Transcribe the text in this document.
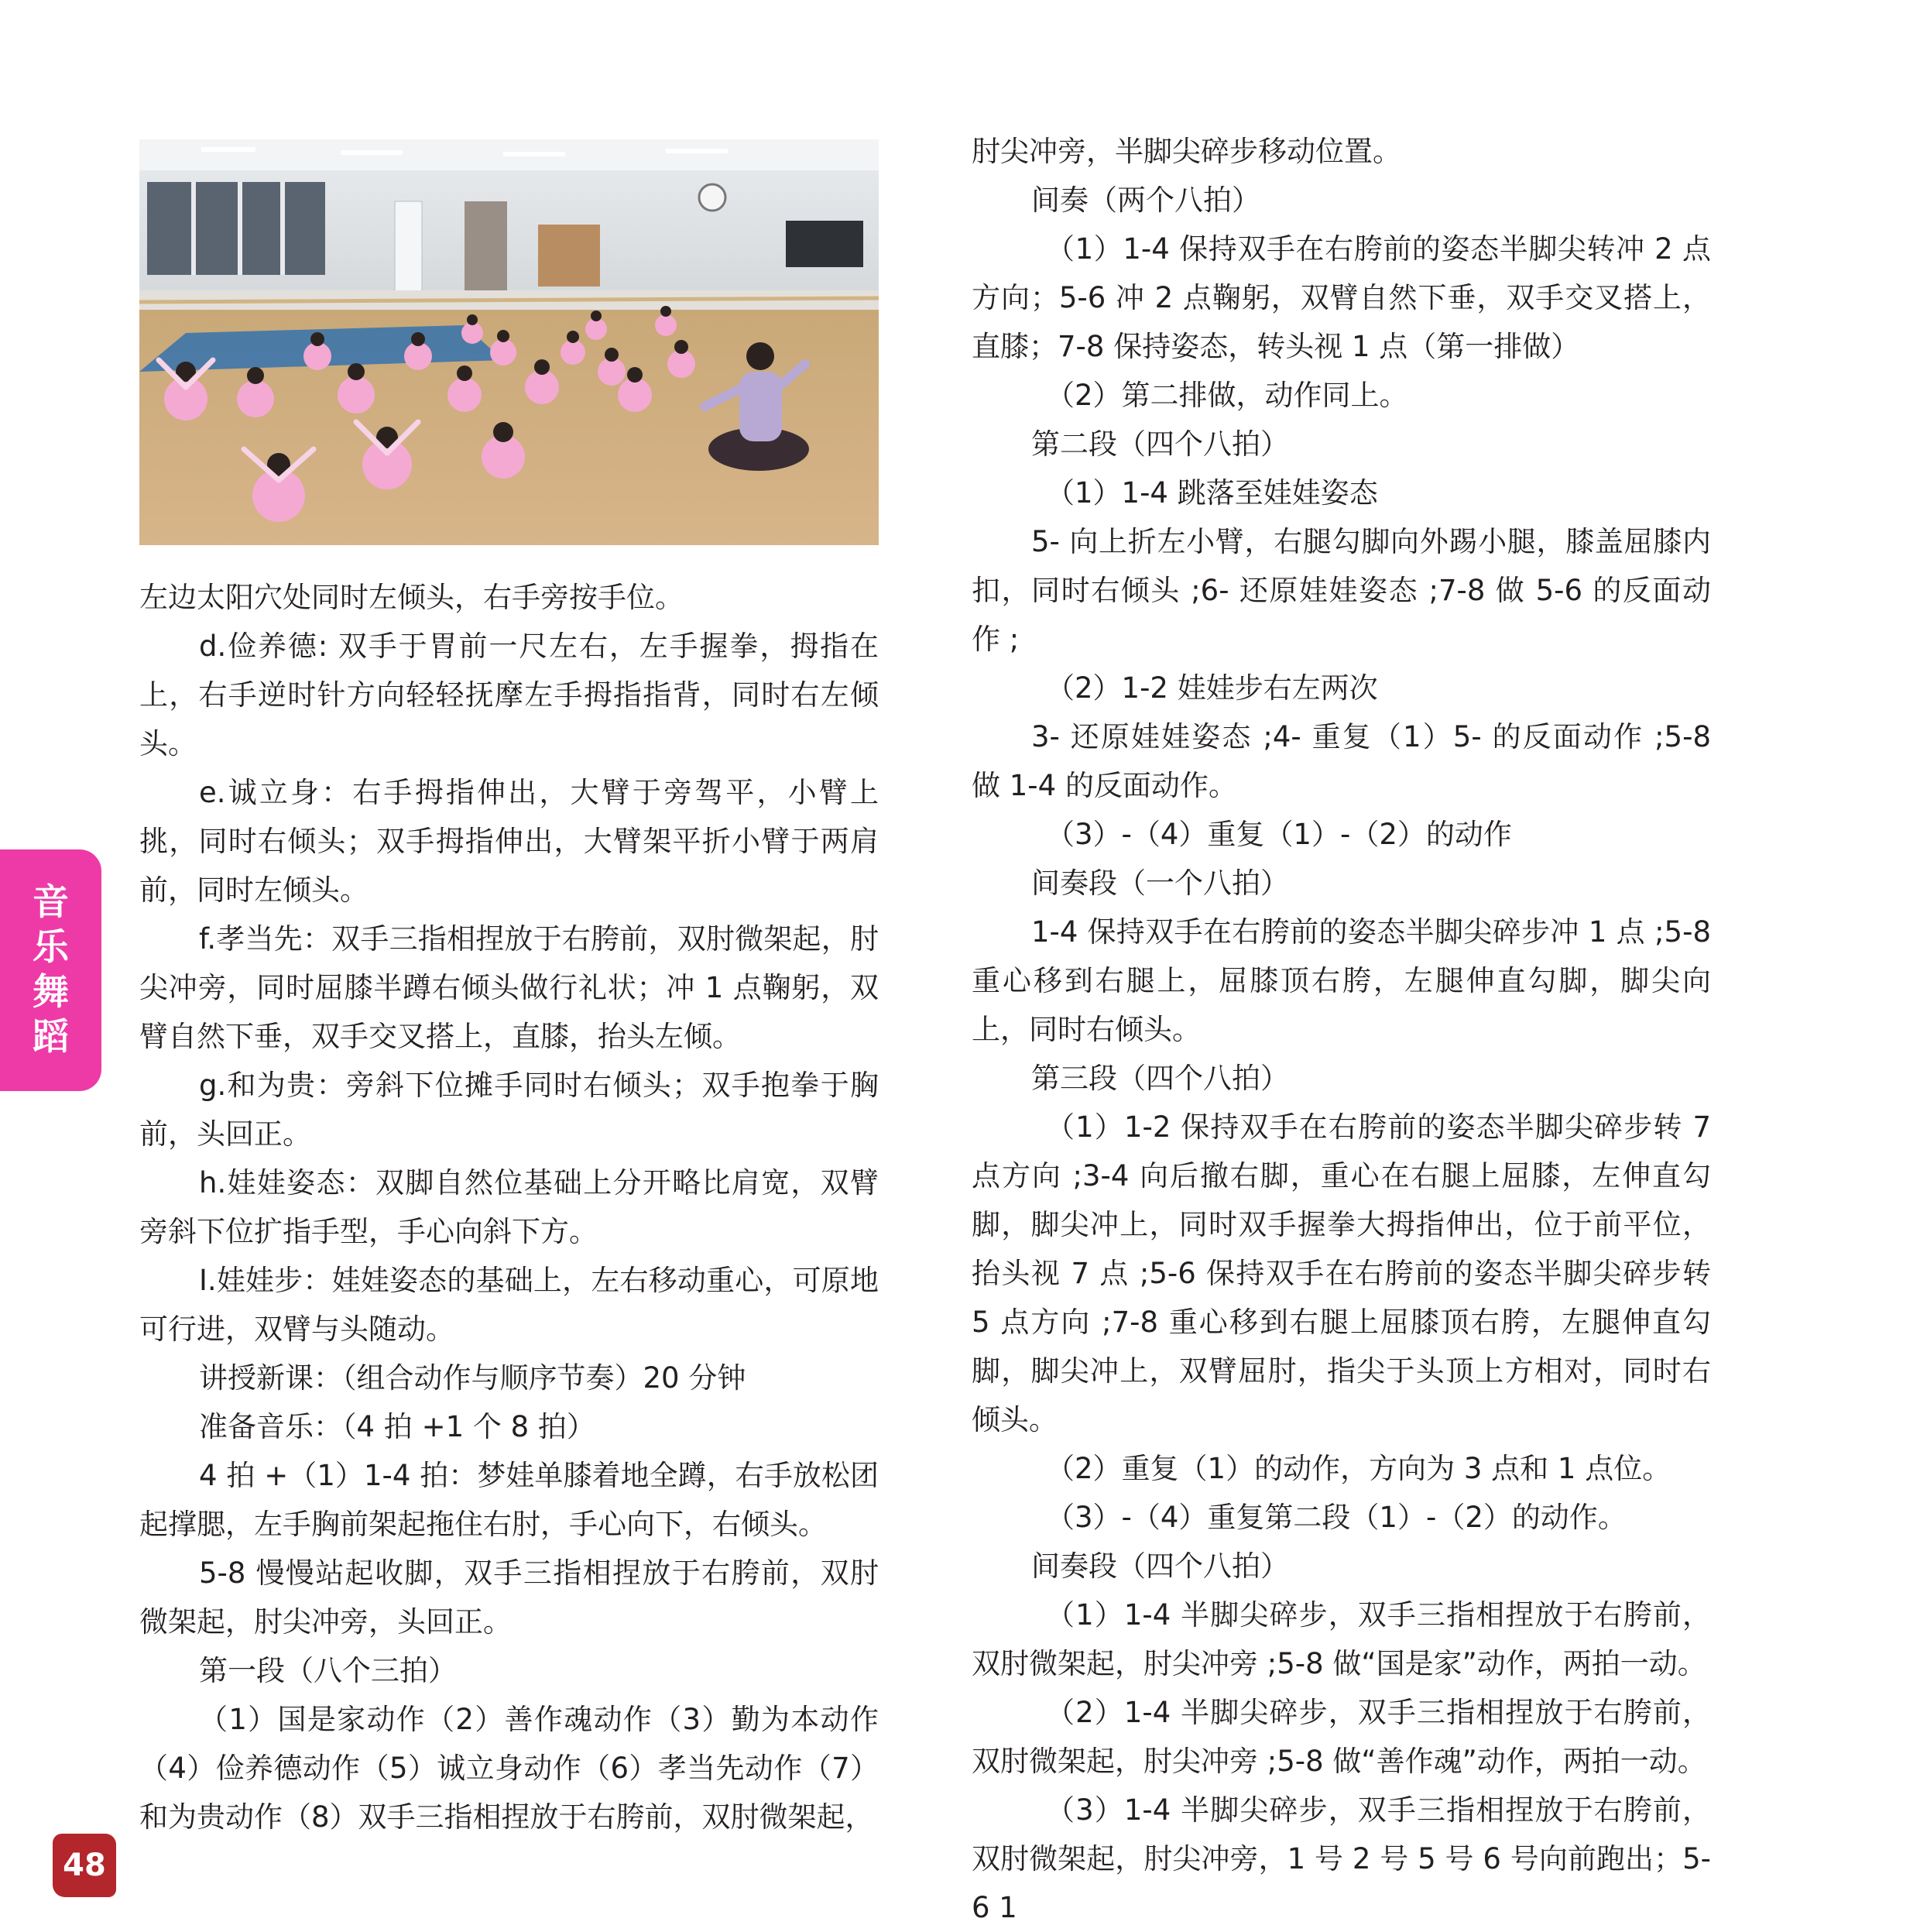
音乐舞蹈
48

左边太阳穴处同时左倾头，右手旁按手位。

d.俭养德: 双手于胃前一尺左右，左手握拳，拇指在上，右手逆时针方向轻轻抚摩左手拇指指背，同时右左倾头。

e.诚立身：右手拇指伸出，大臂于旁驾平，小臂上挑，同时右倾头；双手拇指伸出，大臂架平折小臂于两肩前，同时左倾头。

f.孝当先：双手三指相捏放于右胯前，双肘微架起，肘尖冲旁，同时屈膝半蹲右倾头做行礼状；冲 1 点鞠躬，双臂自然下垂，双手交叉搭上，直膝，抬头左倾。

g.和为贵：旁斜下位摊手同时右倾头；双手抱拳于胸前，头回正。

h.娃娃姿态：双脚自然位基础上分开略比肩宽，双臂旁斜下位扩指手型，手心向斜下方。

I.娃娃步：娃娃姿态的基础上，左右移动重心，可原地可行进，双臂与头随动。

讲授新课：（组合动作与顺序节奏）20 分钟

准备音乐：（4 拍 +1 个 8 拍）

4 拍 +（1）1-4 拍：梦娃单膝着地全蹲，右手放松团起撑腮，左手胸前架起拖住右肘，手心向下，右倾头。

5-8 慢慢站起收脚，双手三指相捏放于右胯前，双肘微架起，肘尖冲旁，头回正。

第一段（八个三拍）

（1）国是家动作（2）善作魂动作（3）勤为本动作（4）俭养德动作（5）诚立身动作（6）孝当先动作（7）和为贵动作（8）双手三指相捏放于右胯前，双肘微架起，

肘尖冲旁，半脚尖碎步移动位置。

间奏（两个八拍）

（1）1-4 保持双手在右胯前的姿态半脚尖转冲 2 点方向；5-6 冲 2 点鞠躬，双臂自然下垂，双手交叉搭上，直膝；7-8 保持姿态，转头视 1 点（第一排做）

（2）第二排做，动作同上。

第二段（四个八拍）

（1）1-4 跳落至娃娃姿态

5- 向上折左小臂，右腿勾脚向外踢小腿，膝盖屈膝内扣，同时右倾头 ;6- 还原娃娃姿态 ;7-8 做 5-6 的反面动作 ;

（2）1-2 娃娃步右左两次

3- 还原娃娃姿态 ;4- 重复（1）5- 的反面动作 ;5-8 做 1-4 的反面动作。

（3）-（4）重复（1）-（2）的动作

间奏段（一个八拍）

1-4 保持双手在右胯前的姿态半脚尖碎步冲 1 点 ;5-8 重心移到右腿上，屈膝顶右胯，左腿伸直勾脚，脚尖向上，同时右倾头。

第三段（四个八拍）

（1）1-2 保持双手在右胯前的姿态半脚尖碎步转 7 点方向 ;3-4 向后撤右脚，重心在右腿上屈膝，左伸直勾脚，脚尖冲上，同时双手握拳大拇指伸出，位于前平位，抬头视 7 点 ;5-6 保持双手在右胯前的姿态半脚尖碎步转 5 点方向 ;7-8 重心移到右腿上屈膝顶右胯，左腿伸直勾脚，脚尖冲上，双臂屈肘，指尖于头顶上方相对，同时右倾头。

（2）重复（1）的动作，方向为 3 点和 1 点位。

（3）-（4）重复第二段（1）-（2）的动作。

间奏段（四个八拍）

（1）1-4 半脚尖碎步，双手三指相捏放于右胯前，双肘微架起，肘尖冲旁 ;5-8 做“国是家”动作，两拍一动。

（2）1-4 半脚尖碎步，双手三指相捏放于右胯前，双肘微架起，肘尖冲旁 ;5-8 做“善作魂”动作，两拍一动。

（3）1-4 半脚尖碎步，双手三指相捏放于右胯前，双肘微架起，肘尖冲旁，1 号 2 号 5 号 6 号向前跑出；5-6 1
